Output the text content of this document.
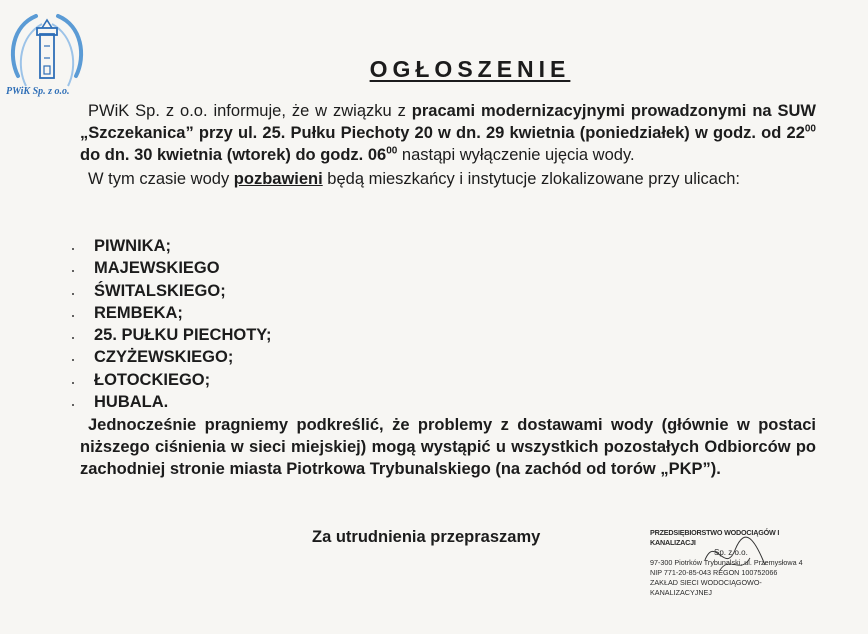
PWiK Sp. z o.o.
OGŁOSZENIE

PWiK Sp. z o.o. informuje, że w związku z pracami modernizacyjnymi prowadzonymi na SUW „Szczekanica” przy ul. 25. Pułku Piechoty 20 w dn. 29 kwietnia (poniedziałek) w godz. od $22^{00}$ do dn. 30 kwietnia (wtorek) do godz. $06^{00}$ nastąpi wyłączenie ujęcia wody.

W tym czasie wody pozbawieni będą mieszkańcy i instytucje zlokalizowane przy ulicach:

PIWNIKA;
MAJEWSKIEGO
ŚWITALSKIEGO;
REMBEKA;
25. PUŁKU PIECHOTY;
CZYŻEWSKIEGO;
ŁOTOCKIEGO;
HUBALA.

Jednocześnie pragniemy podkreślić, że problemy z dostawami wody (głównie w postaci niższego ciśnienia w sieci miejskiej) mogą wystąpić u wszystkich pozostałych Odbiorców po zachodniej stronie miasta Piotrkowa Trybunalskiego (na zachód od torów „PKP”).

Za utrudnienia przepraszamy	PRZEDSIĘBIORSTWO WODOCIĄGÓW I KANALIZACJI
Sp. z o.o.
97-300 Piotrków Trybunalski, ul. Przemysłowa 4
NIP 771-20-85-043 REGON 100752066
ZAKŁAD SIECI WODOCIĄGOWO-KANALIZACYJNEJ
